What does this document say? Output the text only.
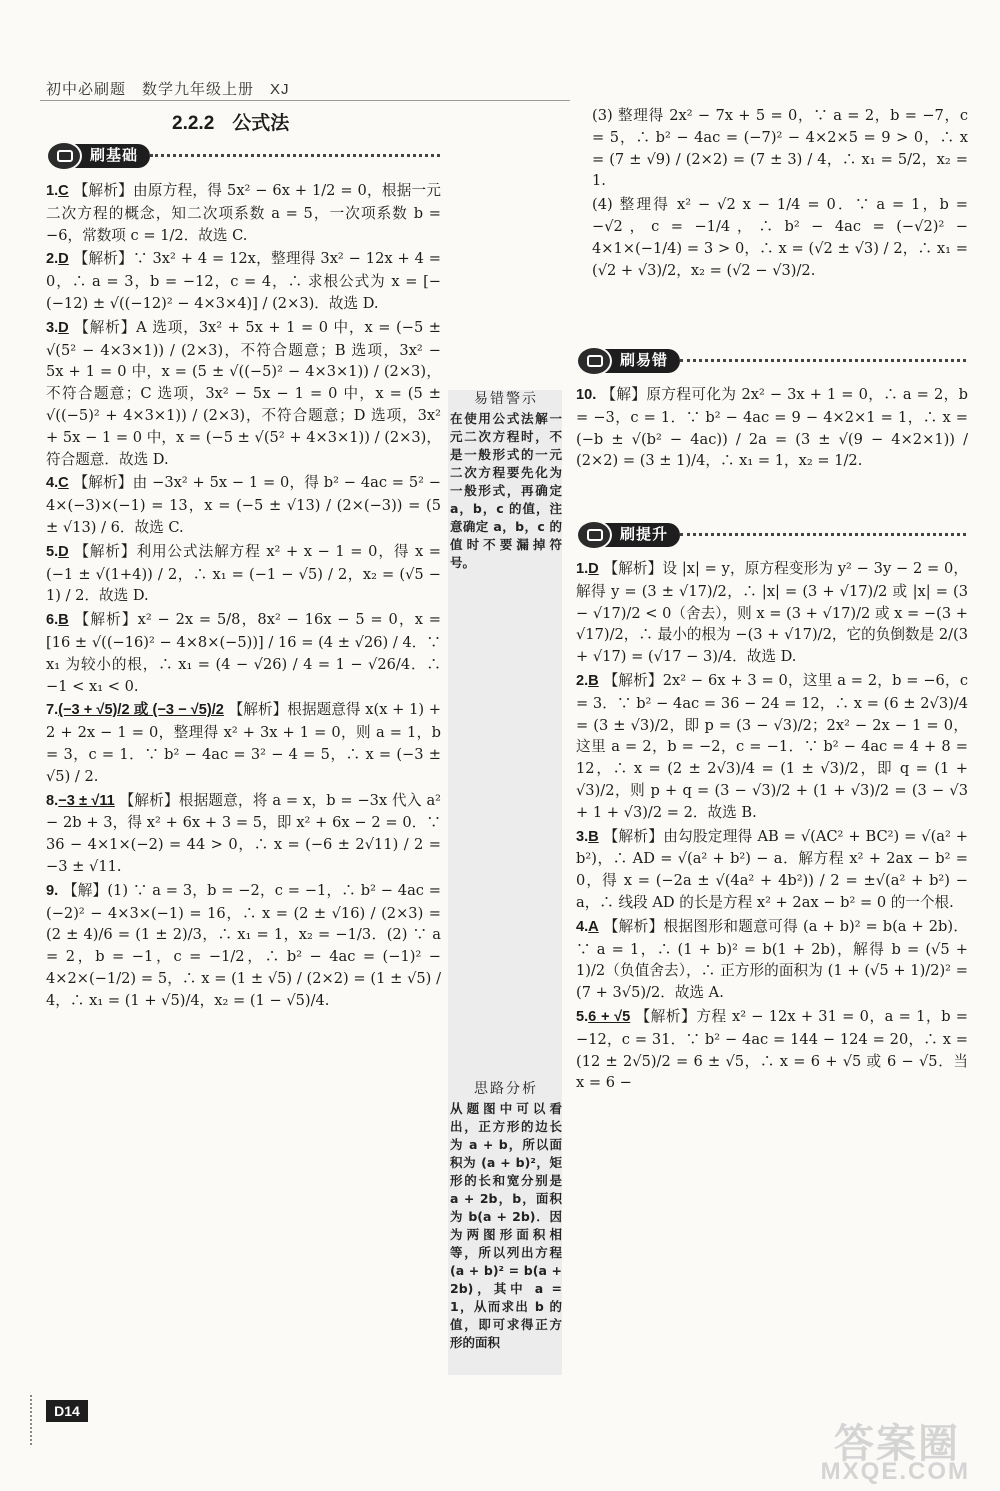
初中必刷题　数学九年级上册　XJ
2.2.2 公式法
刷基础

1.C 【解析】由原方程，得 5x² − 6x + 1/2 = 0，根据一元二次方程的概念，知二次项系数 a = 5，一次项系数 b = −6，常数项 c = 1/2．故选 C.

2.D 【解析】∵ 3x² + 4 = 12x，整理得 3x² − 12x + 4 = 0，∴ a = 3，b = −12，c = 4，∴ 求根公式为 x = [−(−12) ± √((−12)² − 4×3×4)] / (2×3)．故选 D.

3.D 【解析】A 选项，3x² + 5x + 1 = 0 中，x = (−5 ± √(5² − 4×3×1)) / (2×3)，不符合题意；B 选项，3x² − 5x + 1 = 0 中，x = (5 ± √((−5)² − 4×3×1)) / (2×3)，不符合题意；C 选项，3x² − 5x − 1 = 0 中，x = (5 ± √((−5)² + 4×3×1)) / (2×3)，不符合题意；D 选项，3x² + 5x − 1 = 0 中，x = (−5 ± √(5² + 4×3×1)) / (2×3)，符合题意．故选 D.

4.C 【解析】由 −3x² + 5x − 1 = 0，得 b² − 4ac = 5² − 4×(−3)×(−1) = 13，x = (−5 ± √13) / (2×(−3)) = (5 ± √13) / 6．故选 C.

5.D 【解析】利用公式法解方程 x² + x − 1 = 0，得 x = (−1 ± √(1+4)) / 2，∴ x₁ = (−1 − √5) / 2，x₂ = (√5 − 1) / 2．故选 D.

6.B 【解析】x² − 2x = 5/8，8x² − 16x − 5 = 0，x = [16 ± √((−16)² − 4×8×(−5))] / 16 = (4 ± √26) / 4．∵ x₁ 为较小的根，∴ x₁ = (4 − √26) / 4 = 1 − √26/4．∴ −1 < x₁ < 0.

7.(−3 + √5)/2 或 (−3 − √5)/2 【解析】根据题意得 x(x + 1) + 2 + 2x − 1 = 0，整理得 x² + 3x + 1 = 0，则 a = 1，b = 3，c = 1．∵ b² − 4ac = 3² − 4 = 5，∴ x = (−3 ± √5) / 2.

8.−3 ± √11 【解析】根据题意，将 a = x，b = −3x 代入 a² − 2b + 3，得 x² + 6x + 3 = 5，即 x² + 6x − 2 = 0．∵ 36 − 4×1×(−2) = 44 > 0，∴ x = (−6 ± 2√11) / 2 = −3 ± √11.

9. 【解】(1) ∵ a = 3，b = −2，c = −1，∴ b² − 4ac = (−2)² − 4×3×(−1) = 16，∴ x = (2 ± √16) / (2×3) = (2 ± 4)/6 = (1 ± 2)/3，∴ x₁ = 1，x₂ = −1/3．(2) ∵ a = 2，b = −1，c = −1/2，∴ b² − 4ac = (−1)² − 4×2×(−1/2) = 5，∴ x = (1 ± √5) / (2×2) = (1 ± √5) / 4，∴ x₁ = (1 + √5)/4，x₂ = (1 − √5)/4.

易错警示
在使用公式法解一元二次方程时，不是一般形式的一元二次方程要先化为一般形式，再确定 a，b，c 的值，注意确定 a，b，c 的值时不要漏掉符号。
思路分析
从题图中可以看出，正方形的边长为 a + b，所以面积为 (a + b)²，矩形的长和宽分别是 a + 2b，b，面积为 b(a + 2b)．因为两图形面积相等，所以列出方程 (a + b)² = b(a + 2b)，其中 a = 1，从而求出 b 的值，即可求得正方形的面积

(3) 整理得 2x² − 7x + 5 = 0，∵ a = 2，b = −7，c = 5，∴ b² − 4ac = (−7)² − 4×2×5 = 9 > 0，∴ x = (7 ± √9) / (2×2) = (7 ± 3) / 4，∴ x₁ = 5/2，x₂ = 1.

(4) 整理得 x² − √2 x − 1/4 = 0．∵ a = 1，b = −√2，c = −1/4，∴ b² − 4ac = (−√2)² − 4×1×(−1/4) = 3 > 0，∴ x = (√2 ± √3) / 2，∴ x₁ = (√2 + √3)/2，x₂ = (√2 − √3)/2.

刷易错

10. 【解】原方程可化为 2x² − 3x + 1 = 0，∴ a = 2，b = −3，c = 1．∵ b² − 4ac = 9 − 4×2×1 = 1，∴ x = (−b ± √(b² − 4ac)) / 2a = (3 ± √(9 − 4×2×1)) / (2×2) = (3 ± 1)/4，∴ x₁ = 1，x₂ = 1/2.

刷提升

1.D 【解析】设 |x| = y，原方程变形为 y² − 3y − 2 = 0，解得 y = (3 ± √17)/2，∴ |x| = (3 + √17)/2 或 |x| = (3 − √17)/2 < 0（舍去），则 x = (3 + √17)/2 或 x = −(3 + √17)/2，∴ 最小的根为 −(3 + √17)/2，它的负倒数是 2/(3 + √17) = (√17 − 3)/4．故选 D.

2.B 【解析】2x² − 6x + 3 = 0，这里 a = 2，b = −6，c = 3．∵ b² − 4ac = 36 − 24 = 12，∴ x = (6 ± 2√3)/4 = (3 ± √3)/2，即 p = (3 − √3)/2；2x² − 2x − 1 = 0，这里 a = 2，b = −2，c = −1．∵ b² − 4ac = 4 + 8 = 12，∴ x = (2 ± 2√3)/4 = (1 ± √3)/2，即 q = (1 + √3)/2，则 p + q = (3 − √3)/2 + (1 + √3)/2 = (3 − √3 + 1 + √3)/2 = 2．故选 B.

3.B 【解析】由勾股定理得 AB = √(AC² + BC²) = √(a² + b²)，∴ AD = √(a² + b²) − a．解方程 x² + 2ax − b² = 0，得 x = (−2a ± √(4a² + 4b²)) / 2 = ±√(a² + b²) − a，∴ 线段 AD 的长是方程 x² + 2ax − b² = 0 的一个根.

4.A 【解析】根据图形和题意可得 (a + b)² = b(a + 2b)．∵ a = 1，∴ (1 + b)² = b(1 + 2b)，解得 b = (√5 + 1)/2（负值舍去），∴ 正方形的面积为 (1 + (√5 + 1)/2)² = (7 + 3√5)/2．故选 A.

5.6 + √5 【解析】方程 x² − 12x + 31 = 0，a = 1，b = −12，c = 31．∵ b² − 4ac = 144 − 124 = 20，∴ x = (12 ± 2√5)/2 = 6 ± √5，∴ x = 6 + √5 或 6 − √5．当 x = 6 −

D14
答案圈
MXQE.COM
